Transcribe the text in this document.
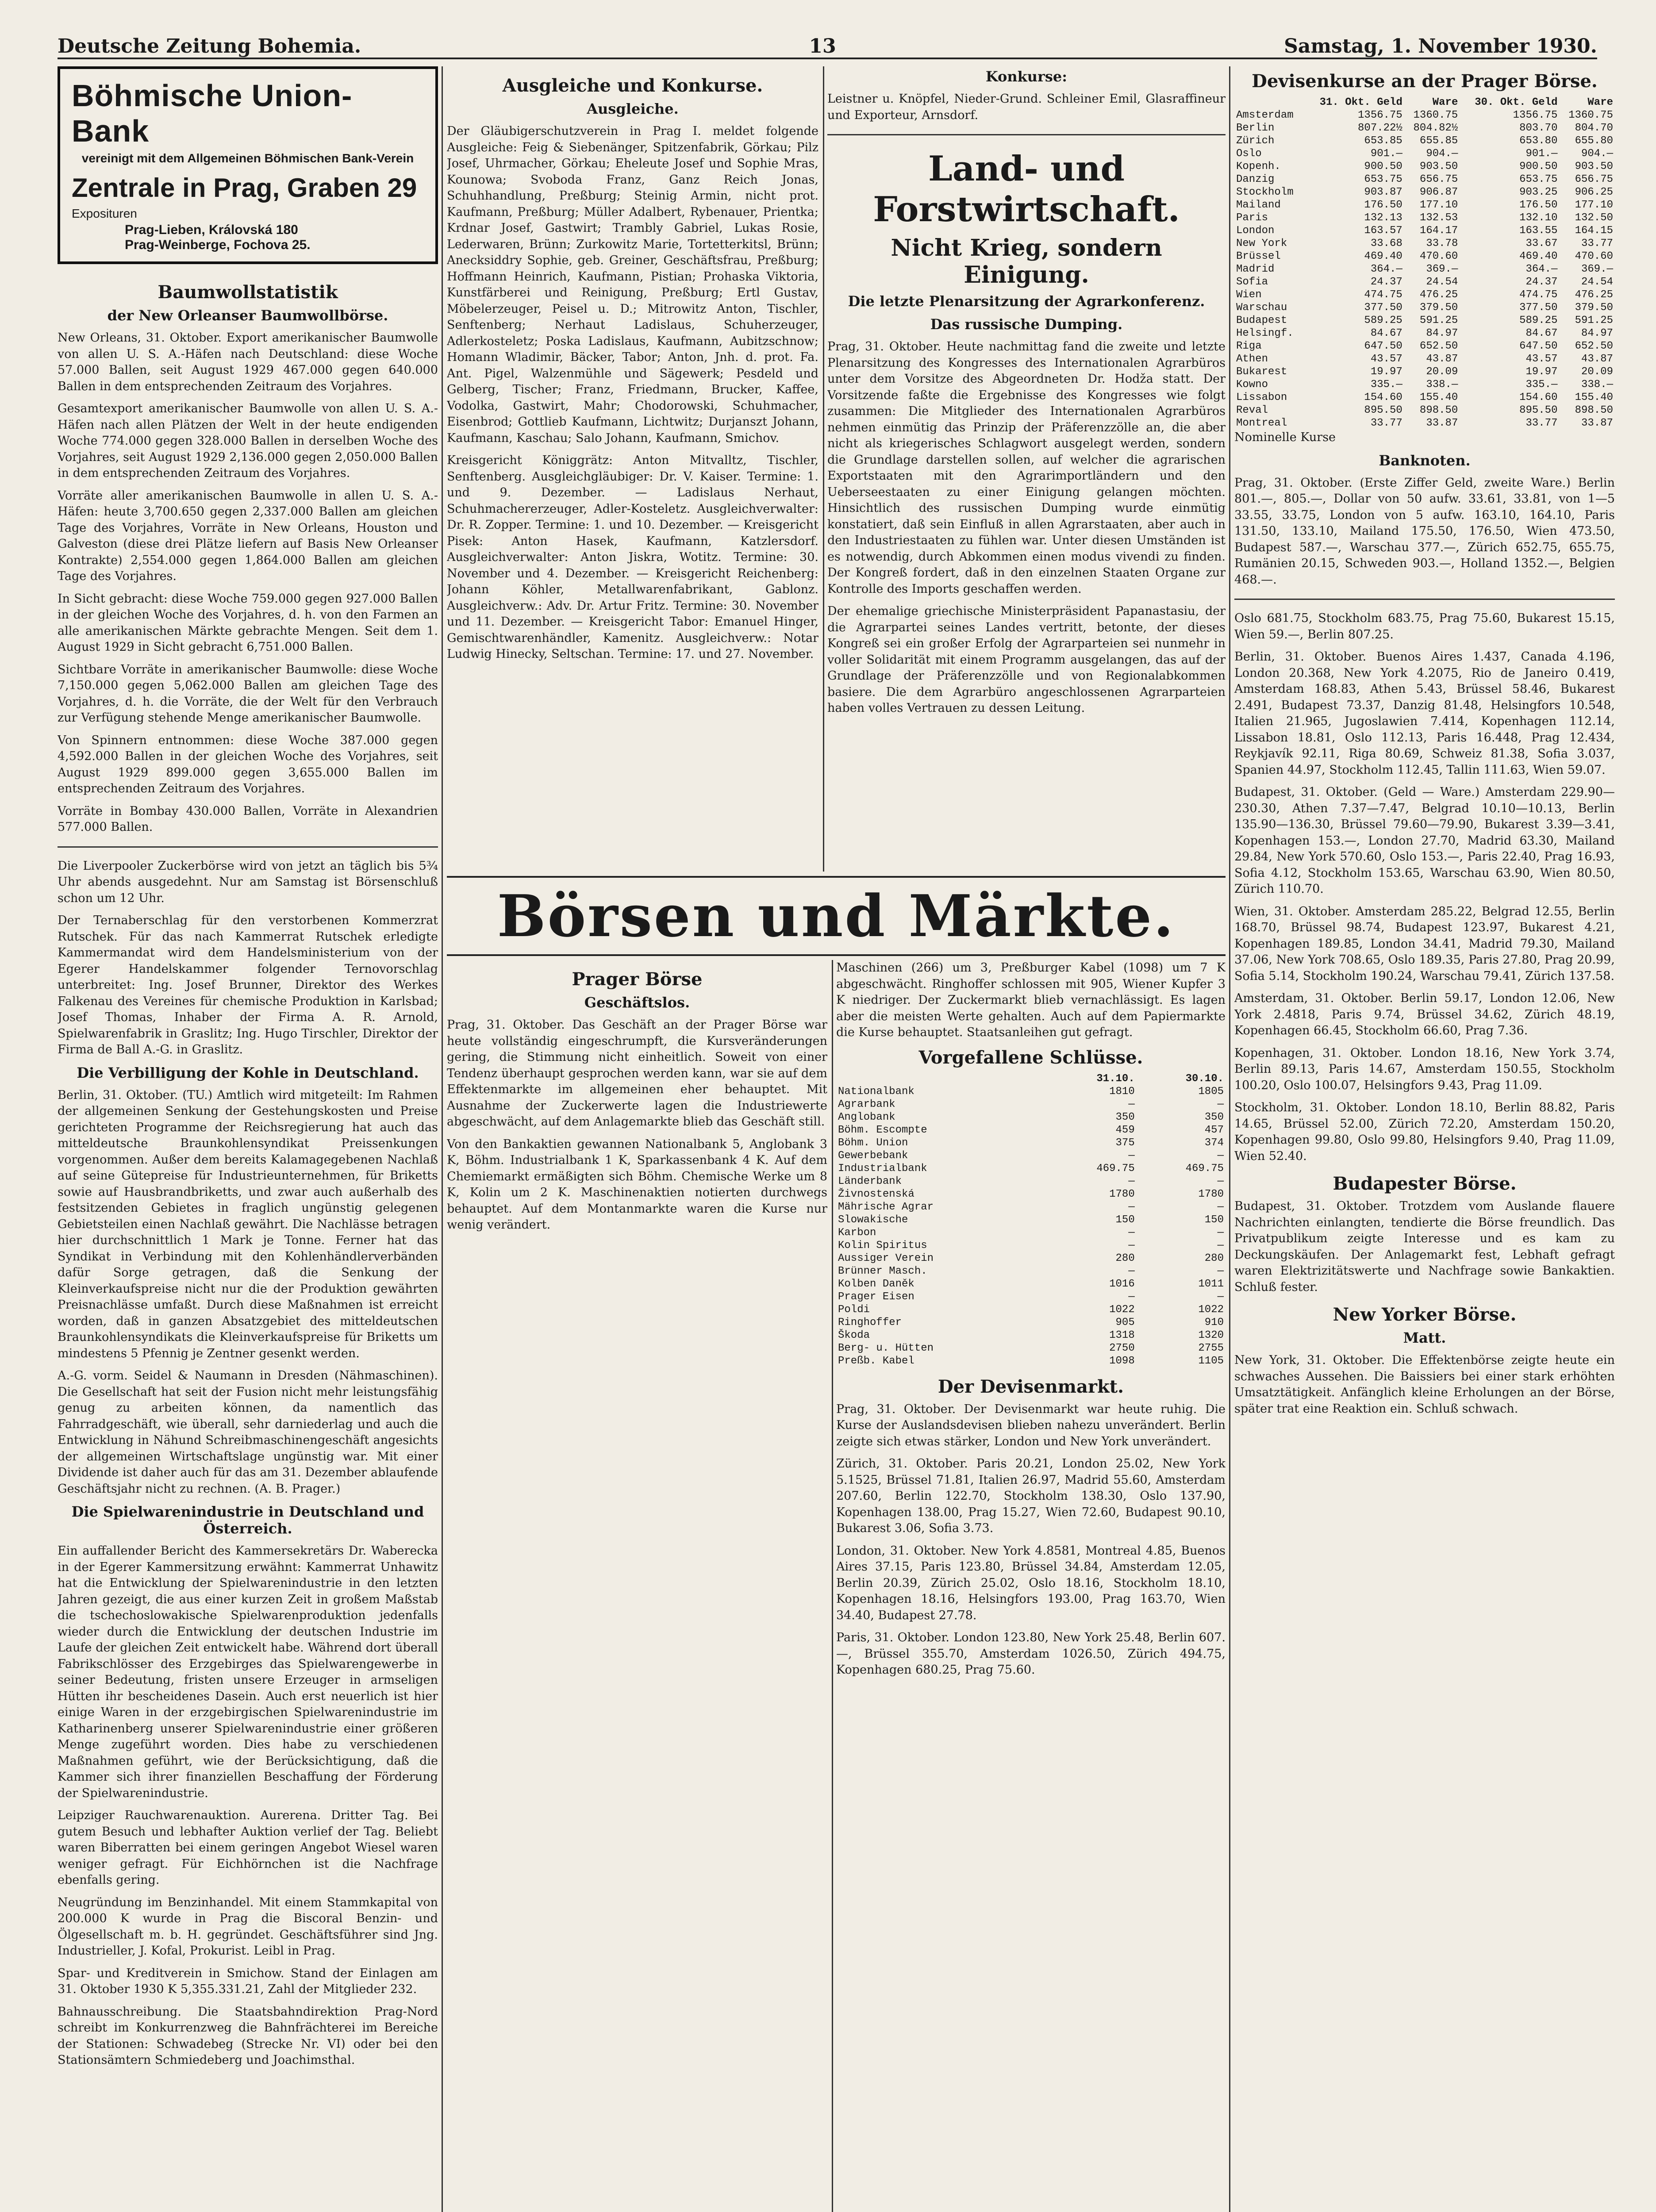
Deutsche Zeitung Bohemia.	13	Samstag, 1. November 1930.
Böhmische Union-Bank
vereinigt mit dem Allgemeinen Böhmischen Bank-Verein
Zentrale in Prag, Graben 29
Exposituren
Prag-Lieben, Královská 180
Prag-Weinberge, Fochova 25.
Baumwollstatistik
der New Orleanser Baumwollbörse.

New Orleans, 31. Oktober. Export amerikanischer Baumwolle von allen U. S. A.-Häfen nach Deutschland: diese Woche 57.000 Ballen, seit August 1929 467.000 gegen 640.000 Ballen in dem entsprechenden Zeitraum des Vorjahres.

Gesamtexport amerikanischer Baumwolle von allen U. S. A.-Häfen nach allen Plätzen der Welt in der heute endigenden Woche 774.000 gegen 328.000 Ballen in derselben Woche des Vorjahres, seit August 1929 2,136.000 gegen 2,050.000 Ballen in dem entsprechenden Zeitraum des Vorjahres.

Vorräte aller amerikanischen Baumwolle in allen U. S. A.-Häfen: heute 3,700.650 gegen 2,337.000 Ballen am gleichen Tage des Vorjahres, Vorräte in New Orleans, Houston und Galveston (diese drei Plätze liefern auf Basis New Orleanser Kontrakte) 2,554.000 gegen 1,864.000 Ballen am gleichen Tage des Vorjahres.

In Sicht gebracht: diese Woche 759.000 gegen 927.000 Ballen in der gleichen Woche des Vorjahres, d. h. von den Farmen an alle amerikanischen Märkte gebrachte Mengen. Seit dem 1. August 1929 in Sicht gebracht 6,751.000 Ballen.

Sichtbare Vorräte in amerikanischer Baumwolle: diese Woche 7,150.000 gegen 5,062.000 Ballen am gleichen Tage des Vorjahres, d. h. die Vorräte, die der Welt für den Verbrauch zur Verfügung stehende Menge amerikanischer Baumwolle.

Von Spinnern entnommen: diese Woche 387.000 gegen 4,592.000 Ballen in der gleichen Woche des Vorjahres, seit August 1929 899.000 gegen 3,655.000 Ballen im entsprechenden Zeitraum des Vorjahres.

Vorräte in Bombay 430.000 Ballen, Vorräte in Alexandrien 577.000 Ballen.

Die Liverpooler Zuckerbörse wird von jetzt an täglich bis 5¾ Uhr abends ausgedehnt. Nur am Samstag ist Börsenschluß schon um 12 Uhr.

Der Ternaberschlag für den verstorbenen Kommerzrat Rutschek. Für das nach Kammerrat Rutschek erledigte Kammermandat wird dem Handelsministerium von der Egerer Handelskammer folgender Ternovorschlag unterbreitet: Ing. Josef Brunner, Direktor des Werkes Falkenau des Vereines für chemische Produktion in Karlsbad; Josef Thomas, Inhaber der Firma A. R. Arnold, Spielwarenfabrik in Graslitz; Ing. Hugo Tirschler, Direktor der Firma de Ball A.-G. in Graslitz.

Die Verbilligung der Kohle in Deutschland.

Berlin, 31. Oktober. (TU.) Amtlich wird mitgeteilt: Im Rahmen der allgemeinen Senkung der Gestehungskosten und Preise gerichteten Programme der Reichsregierung hat auch das mitteldeutsche Braunkohlensyndikat Preissenkungen vorgenommen. Außer dem bereits Kalamagegebenen Nachlaß auf seine Gütepreise für Industrieunternehmen, für Briketts sowie auf Hausbrandbriketts, und zwar auch außerhalb des festsitzenden Gebietes in fraglich ungünstig gelegenen Gebietsteilen einen Nachlaß gewährt. Die Nachlässe betragen hier durchschnittlich 1 Mark je Tonne. Ferner hat das Syndikat in Verbindung mit den Kohlenhändlerverbänden dafür Sorge getragen, daß die Senkung der Kleinverkaufspreise nicht nur die der Produktion gewährten Preisnachlässe umfaßt. Durch diese Maßnahmen ist erreicht worden, daß in ganzen Absatzgebiet des mitteldeutschen Braunkohlensyndikats die Kleinverkaufspreise für Briketts um mindestens 5 Pfennig je Zentner gesenkt werden.

A.-G. vorm. Seidel & Naumann in Dresden (Nähmaschinen). Die Gesellschaft hat seit der Fusion nicht mehr leistungsfähig genug zu arbeiten können, da namentlich das Fahrradgeschäft, wie überall, sehr darniederlag und auch die Entwicklung in Nähund Schreibmaschinengeschäft angesichts der allgemeinen Wirtschaftslage ungünstig war. Mit einer Dividende ist daher auch für das am 31. Dezember ablaufende Geschäftsjahr nicht zu rechnen. (A. B. Prager.)

Die Spielwarenindustrie in Deutschland und Österreich.

Ein auffallender Bericht des Kammersekretärs Dr. Waberecka in der Egerer Kammersitzung erwähnt: Kammerrat Unhawitz hat die Entwicklung der Spielwarenindustrie in den letzten Jahren gezeigt, die aus einer kurzen Zeit in großem Maßstab die tschechoslowakische Spielwarenproduktion jedenfalls wieder durch die Entwicklung der deutschen Industrie im Laufe der gleichen Zeit entwickelt habe. Während dort überall Fabrikschlösser des Erzgebirges das Spielwarengewerbe in seiner Bedeutung, fristen unsere Erzeuger in armseligen Hütten ihr bescheidenes Dasein. Auch erst neuerlich ist hier einige Waren in der erzgebirgischen Spielwarenindustrie im Katharinenberg unserer Spielwarenindustrie einer größeren Menge zugeführt worden. Dies habe zu verschiedenen Maßnahmen geführt, wie der Berücksichtigung, daß die Kammer sich ihrer finanziellen Beschaffung der Förderung der Spielwarenindustrie.

Leipziger Rauchwarenauktion. Aurerena. Dritter Tag. Bei gutem Besuch und lebhafter Auktion verlief der Tag. Beliebt waren Biberratten bei einem geringen Angebot Wiesel waren weniger gefragt. Für Eichhörnchen ist die Nachfrage ebenfalls gering.

Neugründung im Benzinhandel. Mit einem Stammkapital von 200.000 K wurde in Prag die Biscoral Benzin- und Ölgesellschaft m. b. H. gegründet. Geschäftsführer sind Jng. Industrieller, J. Kofal, Prokurist. Leibl in Prag.

Spar- und Kreditverein in Smichow. Stand der Einlagen am 31. Oktober 1930 K 5,355.331.21, Zahl der Mitglieder 232.

Bahnausschreibung. Die Staatsbahndirektion Prag-Nord schreibt im Konkurrenzweg die Bahnfrächterei im Bereiche der Stationen: Schwadebeg (Strecke Nr. VI) oder bei den Stationsämtern Schmiedeberg und Joachimsthal.

Ausgleiche und Konkurse.
Ausgleiche.

Der Gläubigerschutzverein in Prag I. meldet folgende Ausgleiche: Feig & Siebenänger, Spitzenfabrik, Görkau; Pilz Josef, Uhrmacher, Görkau; Eheleute Josef und Sophie Mras, Kounowa; Svoboda Franz, Ganz Reich Jonas, Schuhhandlung, Preßburg; Steinig Armin, nicht prot. Kaufmann, Preßburg; Müller Adalbert, Rybenauer, Prientka; Krdnar Josef, Gastwirt; Trambly Gabriel, Lukas Rosie, Lederwaren, Brünn; Zurkowitz Marie, Tortetterkitsl, Brünn; Anecksiddry Sophie, geb. Greiner, Geschäftsfrau, Preßburg; Hoffmann Heinrich, Kaufmann, Pistian; Prohaska Viktoria, Kunstfärberei und Reinigung, Preßburg; Ertl Gustav, Möbelerzeuger, Peisel u. D.; Mitrowitz Anton, Tischler, Senftenberg; Nerhaut Ladislaus, Schuherzeuger, Adlerkosteletz; Poska Ladislaus, Kaufmann, Aubitzschnow; Homann Wladimir, Bäcker, Tabor; Anton, Jnh. d. prot. Fa. Ant. Pigel, Walzenmühle und Sägewerk; Pesdeld und Gelberg, Tischer; Franz, Friedmann, Brucker, Kaffee, Vodolka, Gastwirt, Mahr; Chodorowski, Schuhmacher, Eisenbrod; Gottlieb Kaufmann, Lichtwitz; Durjanszt Johann, Kaufmann, Kaschau; Salo Johann, Kaufmann, Smichov.

Kreisgericht Königgrätz: Anton Mitvalltz, Tischler, Senftenberg. Ausgleichgläubiger: Dr. V. Kaiser. Termine: 1. und 9. Dezember. — Ladislaus Nerhaut, Schuhmachererzeuger, Adler-Kosteletz. Ausgleichverwalter: Dr. R. Zopper. Termine: 1. und 10. Dezember. — Kreisgericht Pisek: Anton Hasek, Kaufmann, Katzlersdorf. Ausgleichverwalter: Anton Jiskra, Wotitz. Termine: 30. November und 4. Dezember. — Kreisgericht Reichenberg: Johann Köhler, Metallwarenfabrikant, Gablonz. Ausgleichverw.: Adv. Dr. Artur Fritz. Termine: 30. November und 11. Dezember. — Kreisgericht Tabor: Emanuel Hinger, Gemischtwarenhändler, Kamenitz. Ausgleichverw.: Notar Ludwig Hinecky, Seltschan. Termine: 17. und 27. November.

Konkurse:

Leistner u. Knöpfel, Nieder-Grund. Schleiner Emil, Glasraffineur und Exporteur, Arnsdorf.

Land- und Forstwirtschaft.
Nicht Krieg, sondern Einigung.
Die letzte Plenarsitzung der Agrarkonferenz.
Das russische Dumping.

Prag, 31. Oktober. Heute nachmittag fand die zweite und letzte Plenarsitzung des Kongresses des Internationalen Agrarbüros unter dem Vorsitze des Abgeordneten Dr. Hodža statt. Der Vorsitzende faßte die Ergebnisse des Kongresses wie folgt zusammen: Die Mitglieder des Internationalen Agrarbüros nehmen einmütig das Prinzip der Präferenzzölle an, die aber nicht als kriegerisches Schlagwort ausgelegt werden, sondern die Grundlage darstellen sollen, auf welcher die agrarischen Exportstaaten mit den Agrarimportländern und den Ueberseestaaten zu einer Einigung gelangen möchten. Hinsichtlich des russischen Dumping wurde einmütig konstatiert, daß sein Einfluß in allen Agrarstaaten, aber auch in den Industriestaaten zu fühlen war. Unter diesen Umständen ist es notwendig, durch Abkommen einen modus vivendi zu finden. Der Kongreß fordert, daß in den einzelnen Staaten Organe zur Kontrolle des Imports geschaffen werden.

Der ehemalige griechische Ministerpräsident Papanastasiu, der die Agrarpartei seines Landes vertritt, betonte, der dieses Kongreß sei ein großer Erfolg der Agrarparteien sei nunmehr in voller Solidarität mit einem Programm ausgelangen, das auf der Grundlage der Präferenzzölle und von Regionalabkommen basiere. Die dem Agrarbüro angeschlossenen Agrarparteien haben volles Vertrauen zu dessen Leitung.

Devisenkurse an der Prager Börse.
	31. Okt. Geld	Ware	30. Okt. Geld	Ware
Amsterdam	1356.75	1360.75	1356.75	1360.75
Berlin	807.22½	804.82½	803.70	804.70
Zürich	653.85	655.85	653.80	655.80
Oslo	901.—	904.—	901.—	904.—
Kopenh.	900.50	903.50	900.50	903.50
Danzig	653.75	656.75	653.75	656.75
Stockholm	903.87	906.87	903.25	906.25
Mailand	176.50	177.10	176.50	177.10
Paris	132.13	132.53	132.10	132.50
London	163.57	164.17	163.55	164.15
New York	33.68	33.78	33.67	33.77
Brüssel	469.40	470.60	469.40	470.60
Madrid	364.—	369.—	364.—	369.—
Sofia	24.37	24.54	24.37	24.54
Wien	474.75	476.25	474.75	476.25
Warschau	377.50	379.50	377.50	379.50
Budapest	589.25	591.25	589.25	591.25
Helsingf.	84.67	84.97	84.67	84.97
Riga	647.50	652.50	647.50	652.50
Athen	43.57	43.87	43.57	43.87
Bukarest	19.97	20.09	19.97	20.09
Kowno	335.—	338.—	335.—	338.—
Lissabon	154.60	155.40	154.60	155.40
Reval	895.50	898.50	895.50	898.50
Montreal	33.77	33.87	33.77	33.87

Nominelle Kurse

Banknoten.

Prag, 31. Oktober. (Erste Ziffer Geld, zweite Ware.) Berlin 801.—, 805.—, Dollar von 50 aufw. 33.61, 33.81, von 1—5 33.55, 33.75, London von 5 aufw. 163.10, 164.10, Paris 131.50, 133.10, Mailand 175.50, 176.50, Wien 473.50, Budapest 587.—, Warschau 377.—, Zürich 652.75, 655.75, Rumänien 20.15, Schweden 903.—, Holland 1352.—, Belgien 468.—.

Oslo 681.75, Stockholm 683.75, Prag 75.60, Bukarest 15.15, Wien 59.—, Berlin 807.25.

Berlin, 31. Oktober. Buenos Aires 1.437, Canada 4.196, London 20.368, New York 4.2075, Rio de Janeiro 0.419, Amsterdam 168.83, Athen 5.43, Brüssel 58.46, Bukarest 2.491, Budapest 73.37, Danzig 81.48, Helsingfors 10.548, Italien 21.965, Jugoslawien 7.414, Kopenhagen 112.14, Lissabon 18.81, Oslo 112.13, Paris 16.448, Prag 12.434, Reykjavík 92.11, Riga 80.69, Schweiz 81.38, Sofia 3.037, Spanien 44.97, Stockholm 112.45, Tallin 111.63, Wien 59.07.

Budapest, 31. Oktober. (Geld — Ware.) Amsterdam 229.90—230.30, Athen 7.37—7.47, Belgrad 10.10—10.13, Berlin 135.90—136.30, Brüssel 79.60—79.90, Bukarest 3.39—3.41, Kopenhagen 153.—, London 27.70, Madrid 63.30, Mailand 29.84, New York 570.60, Oslo 153.—, Paris 22.40, Prag 16.93, Sofia 4.12, Stockholm 153.65, Warschau 63.90, Wien 80.50, Zürich 110.70.

Wien, 31. Oktober. Amsterdam 285.22, Belgrad 12.55, Berlin 168.70, Brüssel 98.74, Budapest 123.97, Bukarest 4.21, Kopenhagen 189.85, London 34.41, Madrid 79.30, Mailand 37.06, New York 708.65, Oslo 189.35, Paris 27.80, Prag 20.99, Sofia 5.14, Stockholm 190.24, Warschau 79.41, Zürich 137.58.

Amsterdam, 31. Oktober. Berlin 59.17, London 12.06, New York 2.4818, Paris 9.74, Brüssel 34.62, Zürich 48.19, Kopenhagen 66.45, Stockholm 66.60, Prag 7.36.

Kopenhagen, 31. Oktober. London 18.16, New York 3.74, Berlin 89.13, Paris 14.67, Amsterdam 150.55, Stockholm 100.20, Oslo 100.07, Helsingfors 9.43, Prag 11.09.

Stockholm, 31. Oktober. London 18.10, Berlin 88.82, Paris 14.65, Brüssel 52.00, Zürich 72.20, Amsterdam 150.20, Kopenhagen 99.80, Oslo 99.80, Helsingfors 9.40, Prag 11.09, Wien 52.40.

Budapester Börse.

Budapest, 31. Oktober. Trotzdem vom Auslande flauere Nachrichten einlangten, tendierte die Börse freundlich. Das Privatpublikum zeigte Interesse und es kam zu Deckungskäufen. Der Anlagemarkt fest, Lebhaft gefragt waren Elektrizitätswerte und Nachfrage sowie Bankaktien. Schluß fester.

New Yorker Börse.
Matt.

New York, 31. Oktober. Die Effektenbörse zeigte heute ein schwaches Aussehen. Die Baissiers bei einer stark erhöhten Umsatztätigkeit. Anfänglich kleine Erholungen an der Börse, später trat eine Reaktion ein. Schluß schwach.

Börsen und Märkte.
Prager Börse
Geschäftslos.

Prag, 31. Oktober. Das Geschäft an der Prager Börse war heute vollständig eingeschrumpft, die Kursveränderungen gering, die Stimmung nicht einheitlich. Soweit von einer Tendenz überhaupt gesprochen werden kann, war sie auf dem Effektenmarkte im allgemeinen eher behauptet. Mit Ausnahme der Zuckerwerte lagen die Industriewerte abgeschwächt, auf dem Anlagemarkte blieb das Geschäft still.

Von den Bankaktien gewannen Nationalbank 5, Anglobank 3 K, Böhm. Industrialbank 1 K, Sparkassenbank 4 K. Auf dem Chemiemarkt ermäßigten sich Böhm. Chemische Werke um 8 K, Kolin um 2 K. Maschinenaktien notierten durchwegs behauptet. Auf dem Montanmarkte waren die Kurse nur wenig verändert.

Maschinen (266) um 3, Preßburger Kabel (1098) um 7 K abgeschwächt. Ringhoffer schlossen mit 905, Wiener Kupfer 3 K niedriger. Der Zuckermarkt blieb vernachlässigt. Es lagen aber die meisten Werte gehalten. Auch auf dem Papiermarkte die Kurse behauptet. Staatsanleihen gut gefragt.

Vorgefallene Schlüsse.
	31.10.	30.10.
Nationalbank	1810	1805
Agrarbank	—	—
Anglobank	350	350
Böhm. Escompte	459	457
Böhm. Union	375	374
Gewerbebank	—	—
Industrialbank	469.75	469.75
Länderbank	—	—
Živnostenská	1780	1780
Mährische Agrar	—	—
Slowakische	150	150
Karbon	—	—
Kolin Spiritus	—	—
Aussiger Verein	280	280
Brünner Masch.	—	—
Kolben Daněk	1016	1011
Prager Eisen	—	—
Poldi	1022	1022
Ringhoffer	905	910
Škoda	1318	1320
Berg- u. Hütten	2750	2755
Preßb. Kabel	1098	1105
Der Devisenmarkt.

Prag, 31. Oktober. Der Devisenmarkt war heute ruhig. Die Kurse der Auslandsdevisen blieben nahezu unverändert. Berlin zeigte sich etwas stärker, London und New York unverändert.

Zürich, 31. Oktober. Paris 20.21, London 25.02, New York 5.1525, Brüssel 71.81, Italien 26.97, Madrid 55.60, Amsterdam 207.60, Berlin 122.70, Stockholm 138.30, Oslo 137.90, Kopenhagen 138.00, Prag 15.27, Wien 72.60, Budapest 90.10, Bukarest 3.06, Sofia 3.73.

London, 31. Oktober. New York 4.8581, Montreal 4.85, Buenos Aires 37.15, Paris 123.80, Brüssel 34.84, Amsterdam 12.05, Berlin 20.39, Zürich 25.02, Oslo 18.16, Stockholm 18.10, Kopenhagen 18.16, Helsingfors 193.00, Prag 163.70, Wien 34.40, Budapest 27.78.

Paris, 31. Oktober. London 123.80, New York 25.48, Berlin 607.—, Brüssel 355.70, Amsterdam 1026.50, Zürich 494.75, Kopenhagen 680.25, Prag 75.60.
